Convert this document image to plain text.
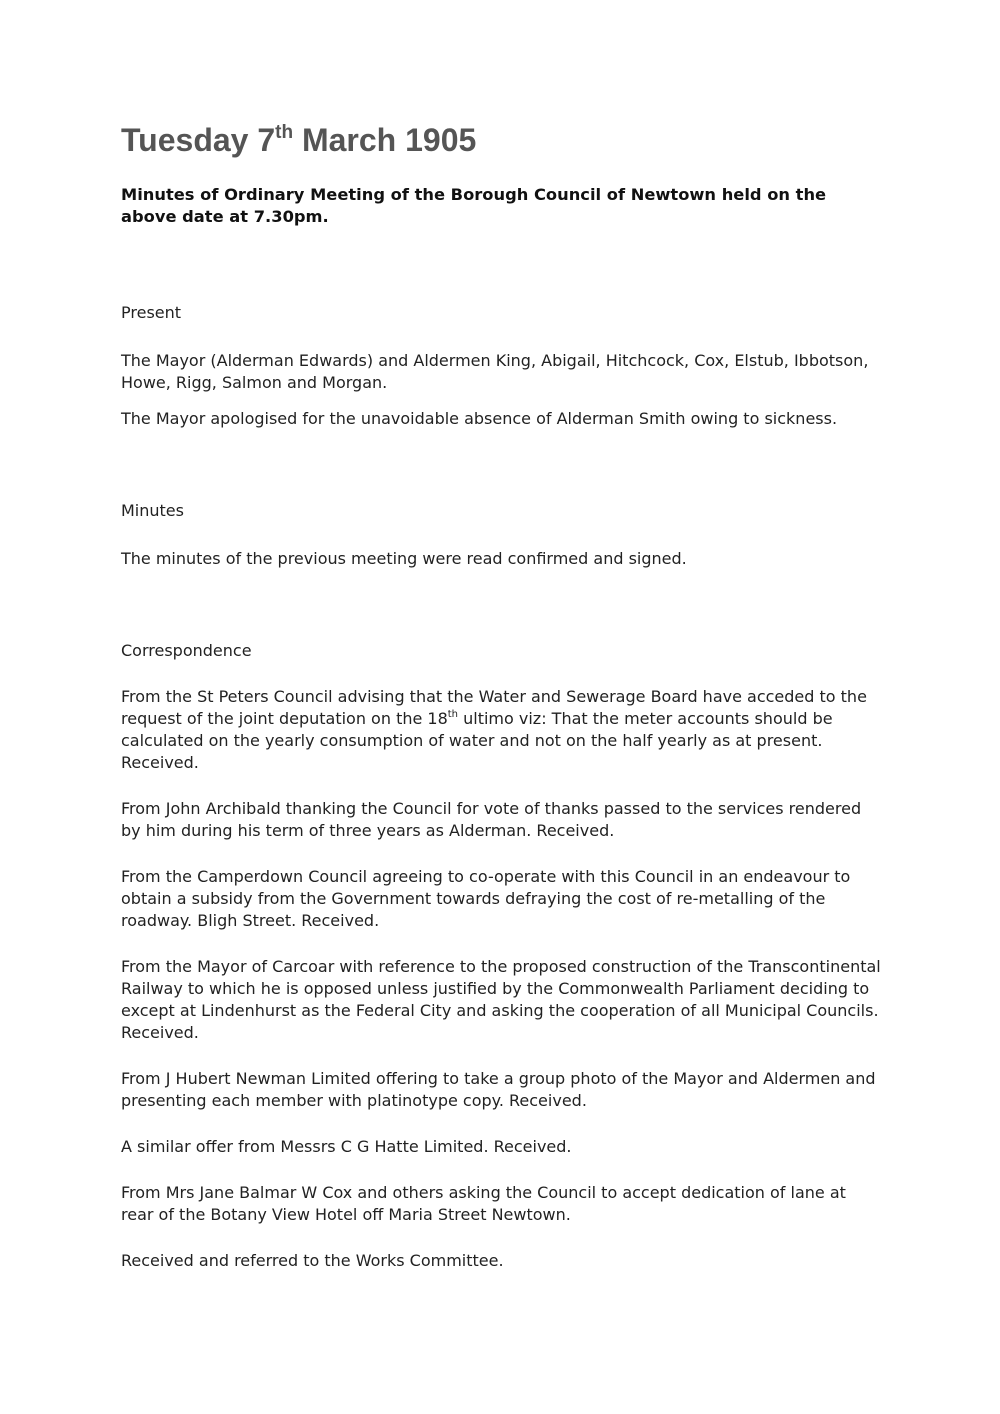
Tuesday 7th March 1905

Minutes of Ordinary Meeting of the Borough Council of Newtown held on the above date at 7.30pm.

Present

The Mayor (Alderman Edwards) and Aldermen King, Abigail, Hitchcock, Cox, Elstub, Ibbotson, Howe, Rigg, Salmon and Morgan.

The Mayor apologised for the unavoidable absence of Alderman Smith owing to sickness.

Minutes

The minutes of the previous meeting were read confirmed and signed.

Correspondence

From the St Peters Council advising that the Water and Sewerage Board have acceded to the request of the joint deputation on the 18th ultimo viz: That the meter accounts should be calculated on the yearly consumption of water and not on the half yearly as at present. Received.

From John Archibald thanking the Council for vote of thanks passed to the services rendered by him during his term of three years as Alderman. Received.

From the Camperdown Council agreeing to co-operate with this Council in an endeavour to obtain a subsidy from the Government towards defraying the cost of re-metalling of the roadway. Bligh Street. Received.

From the Mayor of Carcoar with reference to the proposed construction of the Transcontinental Railway to which he is opposed unless justified by the Commonwealth Parliament deciding to except at Lindenhurst as the Federal City and asking the cooperation of all Municipal Councils. Received.

From J Hubert Newman Limited offering to take a group photo of the Mayor and Aldermen and presenting each member with platinotype copy. Received.

A similar offer from Messrs C G Hatte Limited. Received.

From Mrs Jane Balmar W Cox and others asking the Council to accept dedication of lane at rear of the Botany View Hotel off Maria Street Newtown.

Received and referred to the Works Committee.
